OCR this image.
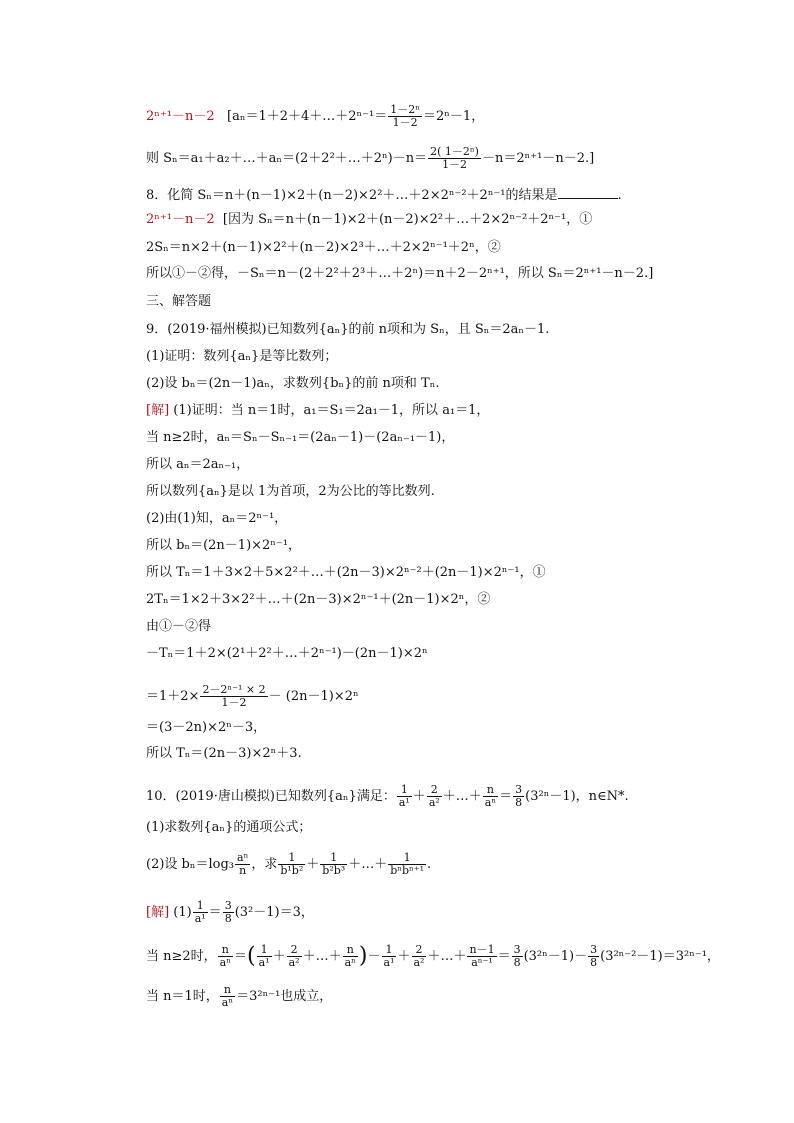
2ⁿ⁺¹－n－2 [aₙ＝1＋2＋4＋…＋2ⁿ⁻¹＝ $\frac{\text{1－2ⁿ}}{1-2} =2^n-1$，
则 Sₙ＝a₁＋a₂＋…＋aₙ＝(2＋2²＋…＋2ⁿ)－n＝ $\frac{\text{2( 1－2ⁿ)}}{1-2} -n=2^{n+1}-n-2$.]
8．化简 Sₙ＝n＋(n－1)×2＋(n－2)×2²＋…＋2×2ⁿ⁻²＋2ⁿ⁻¹的结果是	.
2ⁿ⁺¹－n－2 [因为 Sₙ＝n＋(n－1)×2＋(n－2)×2²＋…＋2×2ⁿ⁻²＋2ⁿ⁻¹，①
2Sₙ＝n×2＋(n－1)×2²＋(n－2)×2³＋…＋2×2ⁿ⁻¹＋2ⁿ，②
所以①－②得，－Sₙ＝n－(2＋2²＋2³＋…＋2ⁿ)＝n＋2－2ⁿ⁺¹，所以 Sₙ＝2ⁿ⁺¹－n－2.]
三、解答题
9．(2019·福州模拟)已知数列{aₙ}的前 n项和为 Sₙ，且 Sₙ＝2aₙ－1.
(1)证明：数列{aₙ}是等比数列；
(2)设 bₙ＝(2n－1)aₙ，求数列{bₙ}的前 n项和 Tₙ.
[解] (1)证明：当 n＝1时，a₁＝S₁＝2a₁－1，所以 a₁＝1，
当 n≥2时，aₙ＝Sₙ－Sₙ₋₁＝(2aₙ－1)－(2aₙ₋₁－1)，
所以 aₙ＝2aₙ₋₁，
所以数列{aₙ}是以 1为首项，2为公比的等比数列.
(2)由(1)知，aₙ＝2ⁿ⁻¹，
所以 bₙ＝(2n－1)×2ⁿ⁻¹，
所以 Tₙ＝1＋3×2＋5×2²＋…＋(2n－3)×2ⁿ⁻²＋(2n－1)×2ⁿ⁻¹，①
2Tₙ＝1×2＋3×2²＋…＋(2n－3)×2ⁿ⁻¹＋(2n－1)×2ⁿ，②
由①－②得
－Tₙ＝1＋2×(2¹＋2²＋…＋2ⁿ⁻¹)－(2n－1)×2ⁿ
$=1+2\times \frac{\text{2－2ⁿ⁻¹ × 2}}{1-2} - (2n-1)\times 2^n$
＝(3－2n)×2ⁿ－3，
所以 Tₙ＝(2n－3)×2ⁿ＋3.
10．(2019·唐山模拟)已知数列{aₙ}满足： $\frac{1}{\text{a¹}} + \frac{2}{\text{a²}}$ ＋…＋ $\frac{n}{\text{aⁿ}} = \frac{3}{8} (3^{2n}-1)$，n∈N*.
(1)求数列{aₙ}的通项公式；
(2)设 $b_n=\log_3 \frac{\text{aⁿ}}{n}$ ，求 $\frac{1}{\text{b¹b²}} + \frac{1}{\text{b²b³}}$ ＋…＋ $\frac{1}{\text{bⁿbⁿ⁺¹}}$ .
[解] $(1) \frac{1}{\text{a¹}} = \frac{3}{8} (3^2-1)=3$，
当 n≥2时， $\frac{n}{\text{aⁿ}}$ ＝( $\frac{1}{\text{a¹}} + \frac{2}{\text{a²}}$ ＋…＋ $\frac{n}{\text{aⁿ}}$ )－ $\frac{1}{\text{a¹}} + \frac{2}{\text{a²}}$ ＋…＋ $\frac{n-1}{\text{aⁿ⁻¹}} = \frac{3}{8} (3^{2n}-1)- \frac{3}{8} (3^{2n-2}-1)=3^{2n-1}$，
当 n＝1时， $\frac{n}{\text{aⁿ}} =3^{2n-1}$也成立，
